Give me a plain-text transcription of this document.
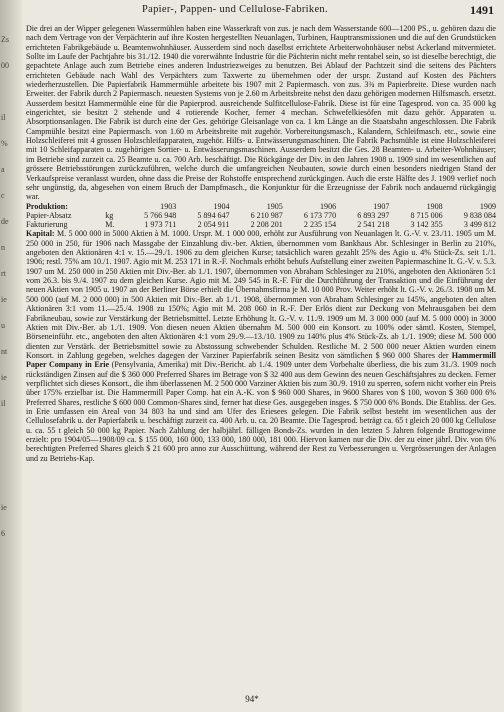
Zs
00
il
%
a
c
de
n
rt
ie
u
nt
ie
il
ie
6
Papier-, Pappen- und Cellulose-Fabriken.	1491

Die drei an der Wipper gelegenen Wassermühlen haben eine Wasserkraft von zus. je nach dem Wasserstande 600—1200 PS., u. gehören dazu die nach dem Vertrage von der Verpächterin auf ihre Kosten hergestellten Neuanlagen, Turbinen, Hauptransmissionen und die auf den Grundstücken errichteten Fabrikgebäude u. Beamtenwohnhäuser. Ausserdem sind noch daselbst errichtete Arbeiterwohnhäuser nebst Ackerland mitvermietet. Sollte im Laufe der Pachtjahre bis 31./12. 1940 die vorerwähnte Industrie für die Pächterin nicht mehr rentabel sein, so ist dieselbe berechtigt, die gepachtete Anlage auch zum Betriebe eines anderen Industriezweiges zu benutzen. Bei Ablauf der Pachtzeit sind die seitens des Pächters errichteten Gebäude nach Wahl des Verpächters zum Taxwerte zu übernehmen oder der urspr. Zustand auf Kosten des Pächters wiederherzustellen. Die Papierfabrik Hammermühle arbeitete bis 1907 mit 2 Papiermasch. von zus. 3¾ m Papierbreite. Diese wurden nach Erweiter. der Fabrik durch 2 Papiermasch. neuesten Systems von je 2.60 m Arbeitsbreite nebst den dazu gehörigen modernen Hilfsmasch. ersetzt. Ausserdem besitzt Hammermühle eine für die Papierprod. ausreichende Sulfitcellulose-Fabrik. Diese ist für eine Tagesprod. von ca. 35 000 kg eingerichtet, sie besitzt 2 stehende und 4 rotierende Kocher, ferner 4 mechan. Schwefelkiesöfen mit dazu gehör. Apparaten u. Absorptionsanlagen. Die Fabrik ist durch eine der Ges. gehörige Gleisanlage von ca. 1 km Länge an die Staatsbahn angeschlossen. Die Fabrik Campmühle besitzt eine Papiermasch. von 1.60 m Arbeitsbreite mit zugehör. Vorbereitungsmasch., Kalandern, Schleifmasch. etc., sowie eine Holzschleiferei mit 4 grossen Holzschleifapparaten, zugehör. Hilfs- u. Entwässerungsmaschinen. Die Fabrik Pachsmühle ist eine Holzschleiferei mit 10 Schleifapparaten u. zugehörigen Sortier- u. Entwässerungsmaschinen. Ausserdem besitzt die Ges. 28 Beamten- u. Arbeiter-Wohnhäuser; im Betriebe sind zurzeit ca. 25 Beamte u. ca. 700 Arb. beschäftigt. Die Rückgänge der Div. in den Jahren 1908 u. 1909 sind im wesentlichen auf grössere Betriebsstörungen zurückzuführen, welche durch die umfangreichen Neubauten, sowie durch einen besonders niedrigen Stand der Verkaufspreise veranlasst wurden, ohne dass die Preise der Rohstoffe entsprechend zurückgingen. Auch die erste Hälfte des J. 1909 verlief noch sehr ungünstig, da, abgesehen von einem Bruch der Dampfmasch., die Konjunktur für die Erzeugnisse der Fabrik noch andauernd rückgängig war.

Produktion:		1903	1904	1905	1906	1907	1908	1909
Papier-Absatz	kg	5 766 948	5 894 647	6 210 987	6 173 770	6 893 297	8 715 006	9 838 084
Fakturierung	M.	1 973 711	2 054 911	2 208 201	2 235 154	2 541 218	3 142 355	3 499 812

Kapital: M. 5 000 000 in 5000 Aktien à M. 1000. Urspr. M. 1 000 000, erhöht zur Ausführung von Neuanlagen lt. G.-V. v. 23./11. 1905 um M. 250 000 in 250, für 1906 nach Massgabe der Einzahlung div.-ber. Aktien, übernommen vom Bankhaus Abr. Schlesinger in Berlin zu 210%, angeboten den Aktionären 4:1 v. 15.—29./1. 1906 zu dem gleichen Kurse; tatsächlich waren gezahlt 25% des Agio u. 4% Stück-Zs. seit 1./1. 1906; restl. 75% am 10./1. 1907. Agio mit M. 253 171 in R.-F. Nochmals erhöht behufs Aufstellung einer zweiten Papiermaschine lt. G.-V. v. 5.3. 1907 um M. 250 000 in 250 Aktien mit Div.-Ber. ab 1./1. 1907, übernommen von Abraham Schlesinger zu 210%, angeboten den Aktionären 5:1 vom 26.3. bis 9./4. 1907 zu dem gleichen Kurse. Agio mit M. 249 545 in R.-F. Für die Durchführung der Transaktion und die Einführung der neuen Aktien von 1905 u. 1907 an der Berliner Börse erhielt die Übernahmsfirma je M. 10 000 Prov. Weiter erhöht lt. G.-V. v. 26./3. 1908 um M. 500 000 (auf M. 2 000 000) in 500 Aktien mit Div.-Ber. ab 1./1. 1908, übernommen von Abraham Schlesinger zu 145%, angeboten den alten Aktionären 3:1 vom 11.—25./4. 1908 zu 150%; Agio mit M. 208 060 in R.-F. Der Erlös dient zur Deckung von Mehrausgaben bei dem Fabrikneubau, sowie zur Verstärkung der Betriebsmittel. Letzte Erhöhung lt. G.-V. v. 11./9. 1909 um M. 3 000 000 (auf M. 5 000 000) in 3000 Aktien mit Div.-Ber. ab 1./1. 1909. Von diesen neuen Aktien übernahm M. 500 000 ein Konsort. zu 100% oder sämtl. Kosten, Stempel, Börseneinführ. etc., angeboten den alten Aktionären 4:1 vom 29./9.—13./10. 1909 zu 140% plus 4% Stück-Zs. ab 1./1. 1909; diese M. 500 000 dienten zur Verstärk. der Betriebsmittel sowie zu Abstossung schwebender Schulden. Restliche M. 2 500 000 neuer Aktien wurden einem Konsort. in Zahlung gegeben, welches dagegen der Varziner Papierfabrik seinen Besitz von sämtlichen $ 960 000 Shares der Hammermill Paper Company in Erie (Pensylvania, Amerika) mit Div.-Bericht. ab 1./4. 1909 unter dem Vorbehalte überliess, die bis zum 31./3. 1909 noch rückständigen Zinsen auf die $ 360 000 Preferred Shares im Betrage von $ 32 400 aus dem Gewinn des neuen Geschäftsjahres zu decken. Ferner verpflichtet sich dieses Konsort., die ihm überlassenen M. 2 500 000 Varziner Aktien bis zum 30./9. 1910 zu sperren, sofern nicht vorher ein Preis über 175% erzielbar ist. Die Hammermill Paper Comp. hat ein A.-K. von $ 960 000 Shares, in 9600 Shares von $ 100, wovon $ 360 000 6% Preferred Shares, restliche $ 600 000 Common-Shares sind, ferner hat diese Ges. ausgegeben insges. $ 750 000 6% Bonds. Die Etabliss. der Ges. in Erie umfassen ein Areal von 34 803 ha und sind am Ufer des Eriesees gelegen. Die Fabrik selbst besteht im wesentlichen aus der Cellulosefabrik u. der Papierfabrik u. beschäftigt zurzeit ca. 400 Arb. u. ca. 20 Beamte. Die Tagesprod. beträgt ca. 65 t gleich 20 000 kg Cellulose u. ca. 55 t gleich 50 000 kg Papier. Nach Zahlung der halbjährl. fälligen Bonds-Zs. wurden in den letzten 5 Jahren folgende Bruttogewinne erzielt: pro 1904/05—1908/09 ca. $ 155 000, 160 000, 133 000, 180 000, 181 000. Hiervon kamen nur die Div. der zu einer jährl. Div. von 6% berechtigten Preferred Shares gleich $ 21 600 pro anno zur Ausschüttung, während der Rest zu Verbesserungen u. Vergrösserungen der Anlagen und zu Betriebs-Kap.

94*
